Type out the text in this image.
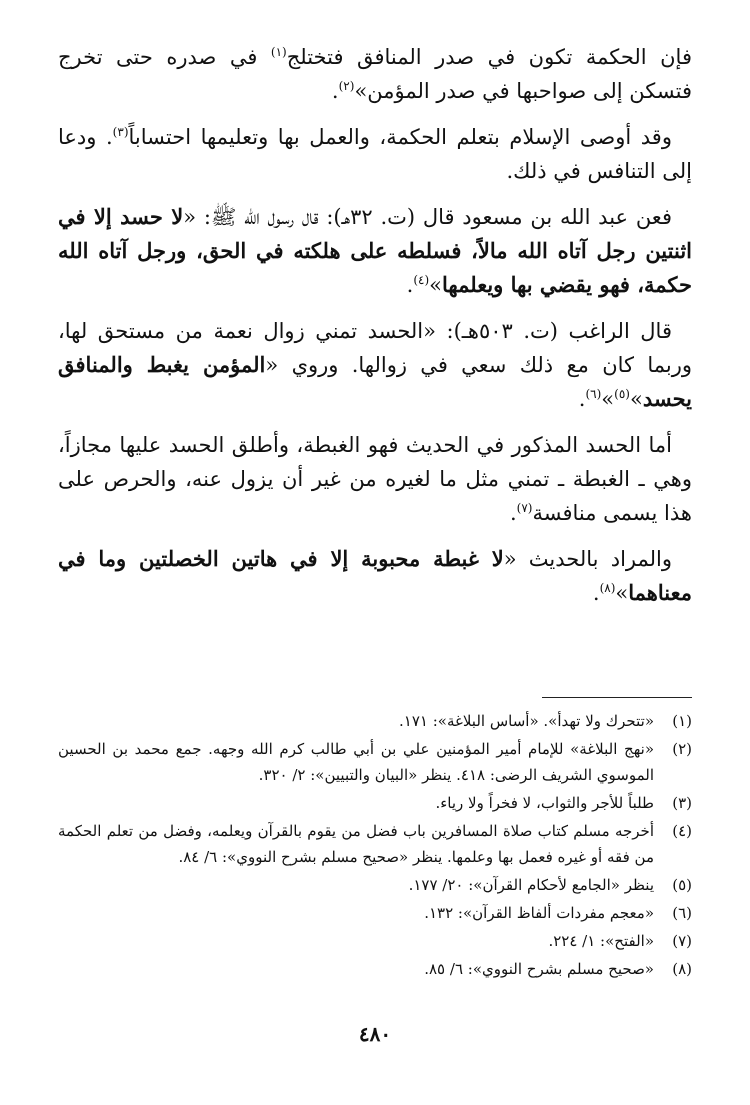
فإن الحكمة تكون في صدر المنافق فتختلج$^{(١)}$ في صدره حتى تخرج فتسكن إلى صواحبها في صدر المؤمن»$^{(٢)}$.

وقد أوصى الإسلام بتعلم الحكمة، والعمل بها وتعليمها احتساباً$^{(٣)}$. ودعا إلى التنافس في ذلك.

فعن عبد الله بن مسعود قال (ت. ٣٢هـ): قال رسول الله ﷺ: «لا حسد إلا في اثنتين رجل آتاه الله مالاً، فسلطه على هلكته في الحق، ورجل آتاه الله حكمة، فهو يقضي بها ويعلمها»$^{(٤)}$.

قال الراغب (ت. ٥٠٣هـ): «الحسد تمني زوال نعمة من مستحق لها، وربما كان مع ذلك سعي في زوالها. وروي «المؤمن يغبط والمنافق يحسد»$^{(٥)}$»$^{(٦)}$.

أما الحسد المذكور في الحديث فهو الغبطة، وأطلق الحسد عليها مجازاً، وهي ـ الغبطة ـ تمني مثل ما لغيره من غير أن يزول عنه، والحرص على هذا يسمى منافسة$^{(٧)}$.

والمراد بالحديث «لا غبطة محبوبة إلا في هاتين الخصلتين وما في معناهما»$^{(٨)}$.

(١)
«تتحرك ولا تهدأ». «أساس البلاغة»: ١٧١.
(٢)
«نهج البلاغة» للإمام أمير المؤمنين علي بن أبي طالب كرم الله وجهه. جمع محمد بن الحسين الموسوي الشريف الرضى: ٤١٨. ينظر «البيان والتبيين»: ٢/ ٣٢٠.
(٣)
طلباً للأجر والثواب، لا فخراً ولا رياء.
(٤)
أخرجه مسلم كتاب صلاة المسافرين باب فضل من يقوم بالقرآن ويعلمه، وفضل من تعلم الحكمة من فقه أو غيره فعمل بها وعلمها. ينظر «صحيح مسلم بشرح النووي»: ٦/ ٨٤.
(٥)
ينظر «الجامع لأحكام القرآن»: ٢٠/ ١٧٧.
(٦)
«معجم مفردات ألفاظ القرآن»: ١٣٢.
(٧)
«الفتح»: ١/ ٢٢٤.
(٨)
«صحيح مسلم بشرح النووي»: ٦/ ٨٥.
٤٨٠
